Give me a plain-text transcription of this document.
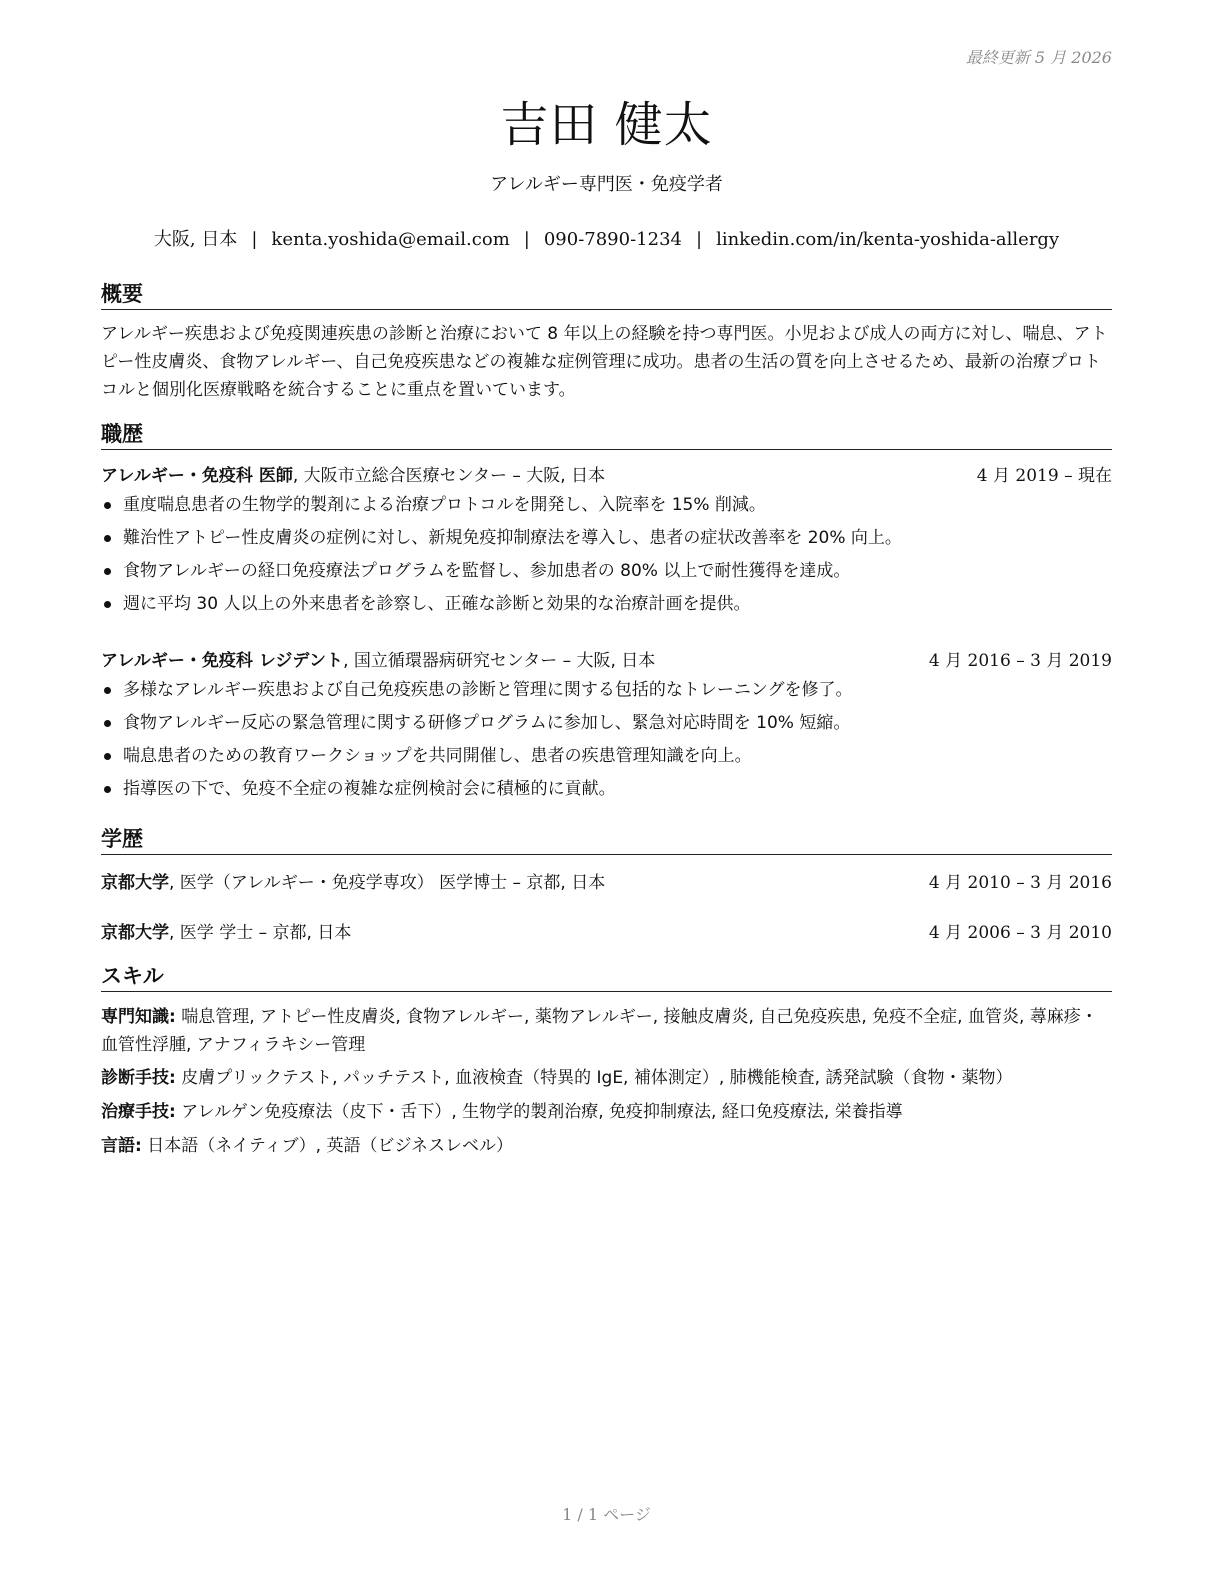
最終更新 5 月 2026
吉田 健太
アレルギー専門医・免疫学者
大阪, 日本 | kenta.yoshida@email.com | 090-7890-1234 | linkedin.com/in/kenta-yoshida-allergy
概要
アレルギー疾患および免疫関連疾患の診断と治療において 8 年以上の経験を持つ専門医。小児および成人の両方に対し、喘息、アトピー性皮膚炎、食物アレルギー、自己免疫疾患などの複雑な症例管理に成功。患者の生活の質を向上させるため、最新の治療プロトコルと個別化医療戦略を統合することに重点を置いています。
職歴
アレルギー・免疫科 医師, 大阪市立総合医療センター – 大阪, 日本	4 月 2019 – 現在
重度喘息患者の生物学的製剤による治療プロトコルを開発し、入院率を 15% 削減。
難治性アトピー性皮膚炎の症例に対し、新規免疫抑制療法を導入し、患者の症状改善率を 20% 向上。
食物アレルギーの経口免疫療法プログラムを監督し、参加患者の 80% 以上で耐性獲得を達成。
週に平均 30 人以上の外来患者を診察し、正確な診断と効果的な治療計画を提供。
アレルギー・免疫科 レジデント, 国立循環器病研究センター – 大阪, 日本	4 月 2016 – 3 月 2019
多様なアレルギー疾患および自己免疫疾患の診断と管理に関する包括的なトレーニングを修了。
食物アレルギー反応の緊急管理に関する研修プログラムに参加し、緊急対応時間を 10% 短縮。
喘息患者のための教育ワークショップを共同開催し、患者の疾患管理知識を向上。
指導医の下で、免疫不全症の複雑な症例検討会に積極的に貢献。
学歴
京都大学, 医学（アレルギー・免疫学専攻） 医学博士 – 京都, 日本	4 月 2010 – 3 月 2016
京都大学, 医学 学士 – 京都, 日本	4 月 2006 – 3 月 2010
スキル
専門知識: 喘息管理, アトピー性皮膚炎, 食物アレルギー, 薬物アレルギー, 接触皮膚炎, 自己免疫疾患, 免疫不全症, 血管炎, 蕁麻疹・血管性浮腫, アナフィラキシー管理
診断手技: 皮膚プリックテスト, パッチテスト, 血液検査（特異的 IgE, 補体測定）, 肺機能検査, 誘発試験（食物・薬物）
治療手技: アレルゲン免疫療法（皮下・舌下）, 生物学的製剤治療, 免疫抑制療法, 経口免疫療法, 栄養指導
言語: 日本語（ネイティブ）, 英語（ビジネスレベル）
1 / 1 ページ
